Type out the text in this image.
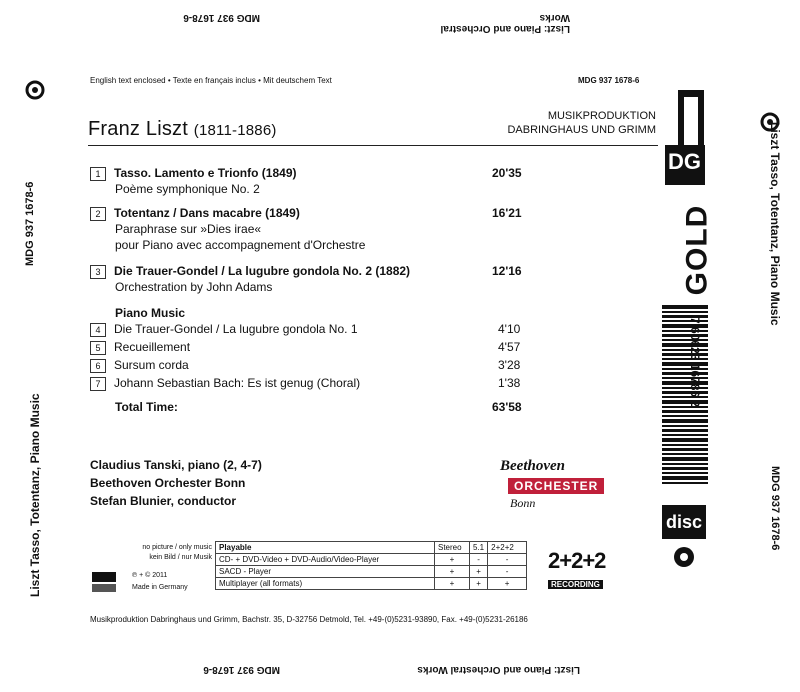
MDG 937 1678-6
Liszt: Piano and Orchestral Works
MDG 937 1678-6	Liszt: Piano and Orchestral Works
MDG 937 1678-6
Liszt Tasso, Totentanz, Piano Music
Liszt Tasso, Totentanz, Piano Music
MDG 937 1678-6
English text enclosed • Texte en français inclus • Mit deutschem Text	MDG 937 1678-6
MUSIKPRODUKTION
DABRINGHAUS UND GRIMM
Franz Liszt (1811-1886)
DG
GOLD
7 60623 16786 2
disc
1 Tasso. Lamento e Trionfo (1849)
Poème symphonique No. 2
20'35
2 Totentanz / Dans macabre (1849)
Paraphrase sur »Dies irae«
pour Piano avec accompagnement d'Orchestre
16'21
3 Die Trauer-Gondel / La lugubre gondola No. 2 (1882)
Orchestration by John Adams
12'16
Piano Music
4 Die Trauer-Gondel / La lugubre gondola No. 1	4'10
5 Recueillement	4'57
6 Sursum corda	3'28
7 Johann Sebastian Bach: Es ist genug (Choral)	1'38
Total Time:	63'58
Claudius Tanski, piano (2, 4-7)
Beethoven Orchester Bonn
Stefan Blunier, conductor
Beethoven
ORCHESTER
Bonn
no picture / only music
kein Bild / nur Musik
℗ + © 2011
Made in Germany
Playable	Stereo	5.1	2+2+2
CD- + DVD-Video + DVD-Audio/Video-Player	+	-	-
SACD - Player	+	+	-
Multiplayer (all formats)	+	+	+
2+2+2
RECORDING
Musikproduktion Dabringhaus und Grimm, Bachstr. 35, D-32756 Detmold, Tel. +49-(0)5231-93890, Fax. +49-(0)5231-26186
